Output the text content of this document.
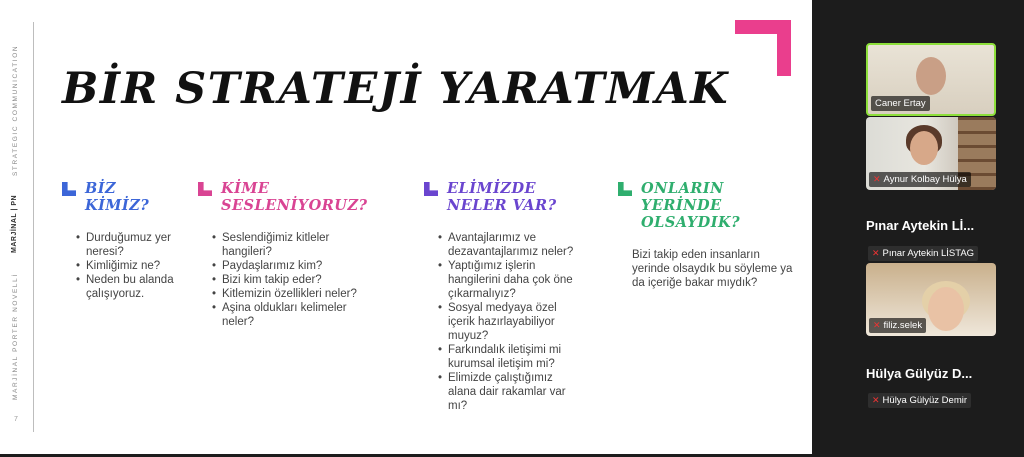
STRATEGIC COMMUNICATION
MARJİNAL | PN
MARJİNAL PORTER NOVELLİ
7
BİR STRATEJİ YARATMAK
BİZ
KİMİZ?
• Durduğumuz yer neresi?
• Kimliğimiz ne?
• Neden bu alanda çalışıyoruz.
KİME
SESLENİYORUZ?
• Seslendiğimiz kitleler hangileri?
• Paydaşlarımız kim?
• Bizi kim takip eder?
• Kitlemizin özellikleri neler?
• Aşina oldukları kelimeler neler?
ELİMİZDE
NELER VAR?
• Avantajlarımız ve dezavantajlarımız neler?
• Yaptığımız işlerin hangilerini daha çok öne çıkarmalıyız?
• Sosyal medyaya özel içerik hazırlayabiliyor muyuz?
• Farkındalık iletişimi mi kurumsal iletişim mi?
• Elimizde çalıştığımız alana dair rakamlar var mı?
ONLARIN YERİNDE
OLSAYDIK?

Bizi takip eden insanların yerinde olsaydık bu söyleme ya da içeriğe bakar mıydık?

Caner Ertay
✕ Aynur Kolbay Hülya
Pınar Aytekin Lİ...
✕ Pınar Aytekin LİSTAG
✕ filiz.selek
Hülya Gülyüz D...
✕ Hülya Gülyüz Demir
